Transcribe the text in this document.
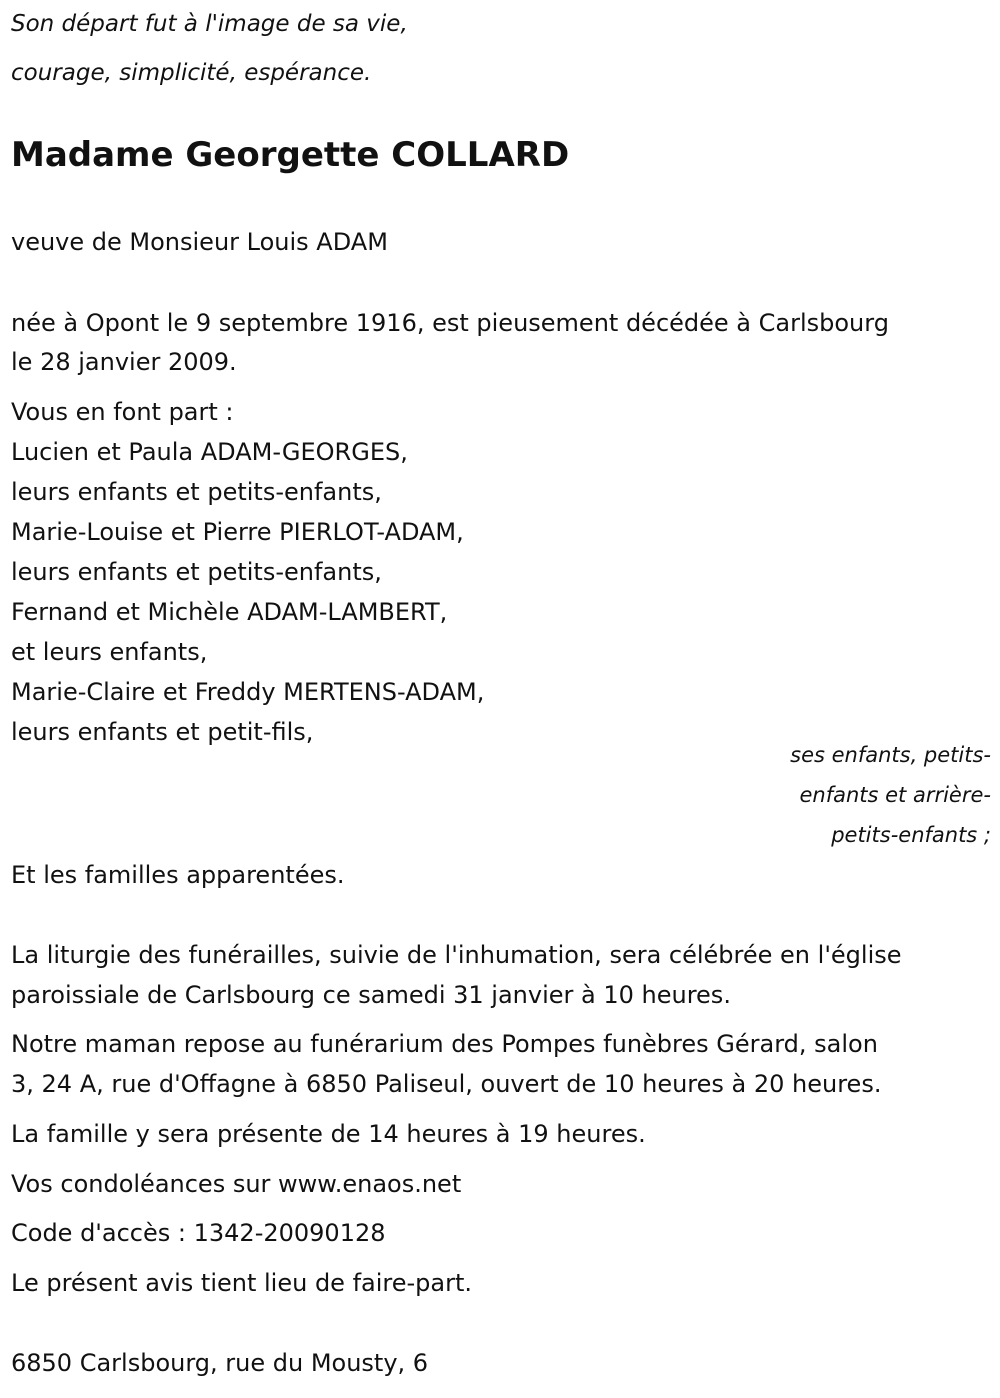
Son départ fut à l'image de sa vie,

courage, simplicité, espérance.

Madame Georgette COLLARD

veuve de Monsieur Louis ADAM

née à Opont le 9 septembre 1916, est pieusement décédée à Carlsbourg

le 28 janvier 2009.

Vous en font part :

Lucien et Paula ADAM-GEORGES,

leurs enfants et petits-enfants,

Marie-Louise et Pierre PIERLOT-ADAM,

leurs enfants et petits-enfants,

Fernand et Michèle ADAM-LAMBERT,

et leurs enfants,

Marie-Claire et Freddy MERTENS-ADAM,

leurs enfants et petit-fils,

ses enfants, petits-

enfants et arrière-

petits-enfants ;

Et les familles apparentées.

La liturgie des funérailles, suivie de l'inhumation, sera célébrée en l'église

paroissiale de Carlsbourg ce samedi 31 janvier à 10 heures.

Notre maman repose au funérarium des Pompes funèbres Gérard, salon

3, 24 A, rue d'Offagne à 6850 Paliseul, ouvert de 10 heures à 20 heures.

La famille y sera présente de 14 heures à 19 heures.

Vos condoléances sur www.enaos.net

Code d'accès : 1342-20090128

Le présent avis tient lieu de faire-part.

6850 Carlsbourg, rue du Mousty, 6
